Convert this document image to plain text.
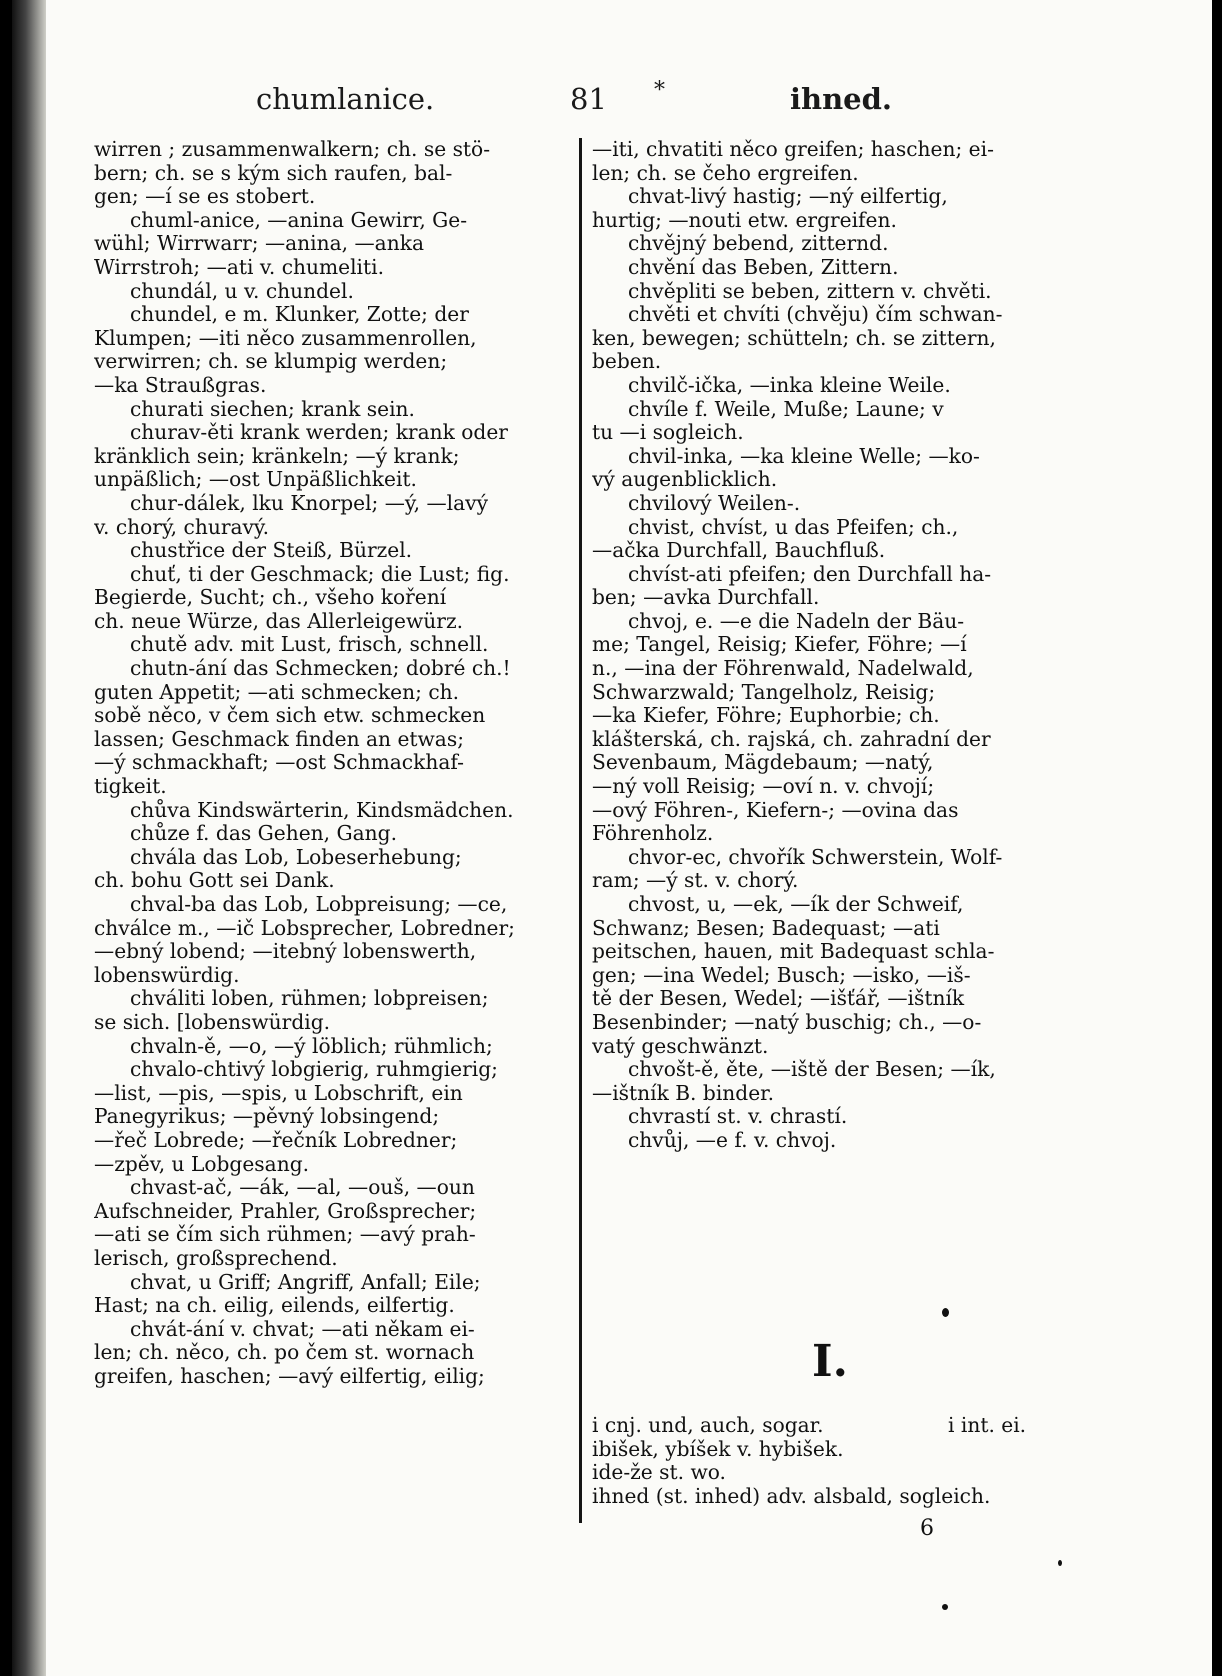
chumlanice.	81 *	ihned.
wirren ; zusammenwalkern; ch. se stö-
bern; ch. se s kým sich raufen, bal-
gen; —í se es stobert.
chuml-anice, —anina Gewirr, Ge-
wühl; Wirrwarr; —anina, —anka
Wirrstroh; —ati v. chumeliti.
chundál, u v. chundel.
chundel, e m. Klunker, Zotte; der
Klumpen; —iti něco zusammenrollen,
verwirren; ch. se klumpig werden;
—ka Straußgras.
churati siechen; krank sein.
churav-ěti krank werden; krank oder
kränklich sein; kränkeln; —ý krank;
unpäßlich; —ost Unpäßlichkeit.
chur-dálek, lku Knorpel; —ý, —lavý
v. chorý, churavý.
chustřice der Steiß, Bürzel.
chuť, ti der Geschmack; die Lust; fig.
Begierde, Sucht; ch., všeho koření
ch. neue Würze, das Allerleigewürz.
chutě adv. mit Lust, frisch, schnell.
chutn-ání das Schmecken; dobré ch.!
guten Appetit; —ati schmecken; ch.
sobě něco, v čem sich etw. schmecken
lassen; Geschmack finden an etwas;
—ý schmackhaft; —ost Schmackhaf-
tigkeit.
chůva Kindswärterin, Kindsmädchen.
chůze f. das Gehen, Gang.
chvála das Lob, Lobeserhebung;
ch. bohu Gott sei Dank.
chval-ba das Lob, Lobpreisung; —ce,
chválce m., —ič Lobsprecher, Lobredner;
—ebný lobend; —itebný lobenswerth,
lobenswürdig.
chváliti loben, rühmen; lobpreisen;
se sich. [lobenswürdig.
chvaln-ě, —o, —ý löblich; rühmlich;
chvalo-chtivý lobgierig, ruhmgierig;
—list, —pis, —spis, u Lobschrift, ein
Panegyrikus; —pěvný lobsingend;
—řeč Lobrede; —řečník Lobredner;
—zpěv, u Lobgesang.
chvast-ač, —ák, —al, —ouš, —oun
Aufschneider, Prahler, Großsprecher;
—ati se čím sich rühmen; —avý prah-
lerisch, großsprechend.
chvat, u Griff; Angriff, Anfall; Eile;
Hast; na ch. eilig, eilends, eilfertig.
chvát-ání v. chvat; —ati někam ei-
len; ch. něco, ch. po čem st. wornach
greifen, haschen; —avý eilfertig, eilig;
—iti, chvatiti něco greifen; haschen; ei-
len; ch. se čeho ergreifen.
chvat-livý hastig; —ný eilfertig,
hurtig; —nouti etw. ergreifen.
chvějný bebend, zitternd.
chvění das Beben, Zittern.
chvěpliti se beben, zittern v. chvěti.
chvěti et chvíti (chvěju) čím schwan-
ken, bewegen; schütteln; ch. se zittern,
beben.
chvilč-ička, —inka kleine Weile.
chvíle f. Weile, Muße; Laune; v
tu —i sogleich.
chvil-inka, —ka kleine Welle; —ko-
vý augenblicklich.
chvilový Weilen-.
chvist, chvíst, u das Pfeifen; ch.,
—ačka Durchfall, Bauchfluß.
chvíst-ati pfeifen; den Durchfall ha-
ben; —avka Durchfall.
chvoj, e. —e die Nadeln der Bäu-
me; Tangel, Reisig; Kiefer, Föhre; —í
n., —ina der Föhrenwald, Nadelwald,
Schwarzwald; Tangelholz, Reisig;
—ka Kiefer, Föhre; Euphorbie; ch.
klášterská, ch. rajská, ch. zahradní der
Sevenbaum, Mägdebaum; —natý,
—ný voll Reisig; —oví n. v. chvojí;
—ový Föhren-, Kiefern-; —ovina das
Föhrenholz.
chvor-ec, chvořík Schwerstein, Wolf-
ram; —ý st. v. chorý.
chvost, u, —ek, —ík der Schweif,
Schwanz; Besen; Badequast; —ati
peitschen, hauen, mit Badequast schla-
gen; —ina Wedel; Busch; —isko, —iš-
tě der Besen, Wedel; —išťář, —ištník
Besenbinder; —natý buschig; ch., —o-
vatý geschwänzt.
chvošt-ě, ěte, —iště der Besen; —ík,
—ištník B. binder.
chvrastí st. v. chrastí.
chvůj, —e f. v. chvoj.
I.
i cnj. und, auch, sogar.	i int. ei.
ibišek, ybíšek v. hybišek.
ide-že st. wo.
ihned (st. inhed) adv. alsbald, sogleich.
6
